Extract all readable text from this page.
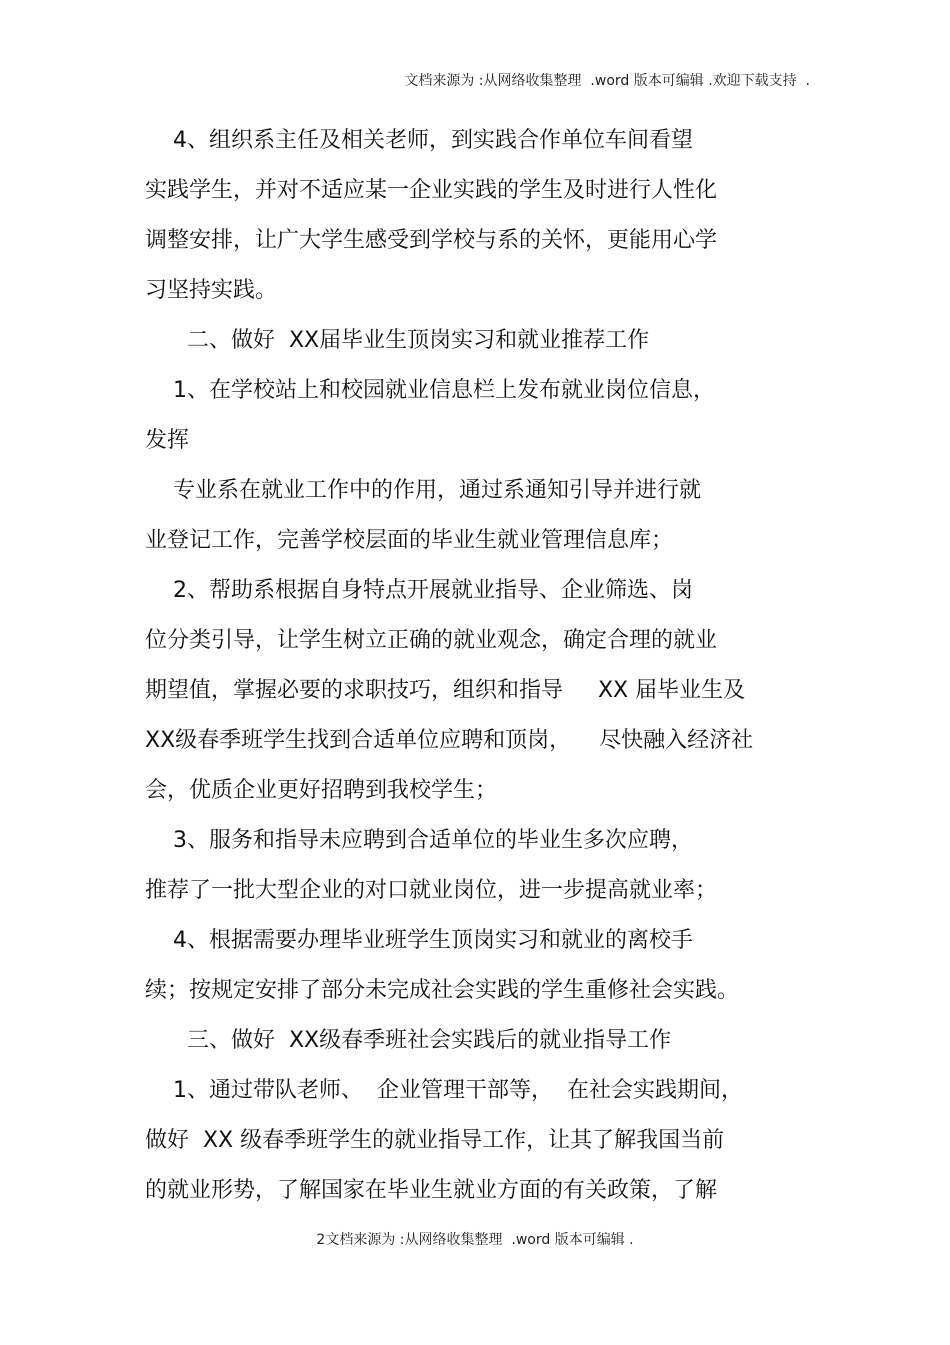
文档来源为 :从网络收集整理  .word 版本可编辑 .欢迎下载支持  .
4、组织系主任及相关老师，到实践合作单位车间看望
实践学生，并对不适应某一企业实践的学生及时进行人性化
调整安排，让广大学生感受到学校与系的关怀，更能用心学
习坚持实践。
二、做好  XX届毕业生顶岗实习和就业推荐工作
1、在学校站上和校园就业信息栏上发布就业岗位信息，
发挥
专业系在就业工作中的作用，通过系通知引导并进行就
业登记工作，完善学校层面的毕业生就业管理信息库；
2、帮助系根据自身特点开展就业指导、企业筛选、岗
位分类引导，让学生树立正确的就业观念，确定合理的就业
期望值，掌握必要的求职技巧，组织和指导     XX 届毕业生及
XX级春季班学生找到合适单位应聘和顶岗，    尽快融入经济社
会，优质企业更好招聘到我校学生；
3、服务和指导未应聘到合适单位的毕业生多次应聘，
推荐了一批大型企业的对口就业岗位，进一步提高就业率；
4、根据需要办理毕业班学生顶岗实习和就业的离校手
续；按规定安排了部分未完成社会实践的学生重修社会实践。
三、做好  XX级春季班社会实践后的就业指导工作
1、通过带队老师、  企业管理干部等，  在社会实践期间，
做好  XX 级春季班学生的就业指导工作，让其了解我国当前
的就业形势，了解国家在毕业生就业方面的有关政策，了解
2文档来源为 :从网络收集整理  .word 版本可编辑 .
